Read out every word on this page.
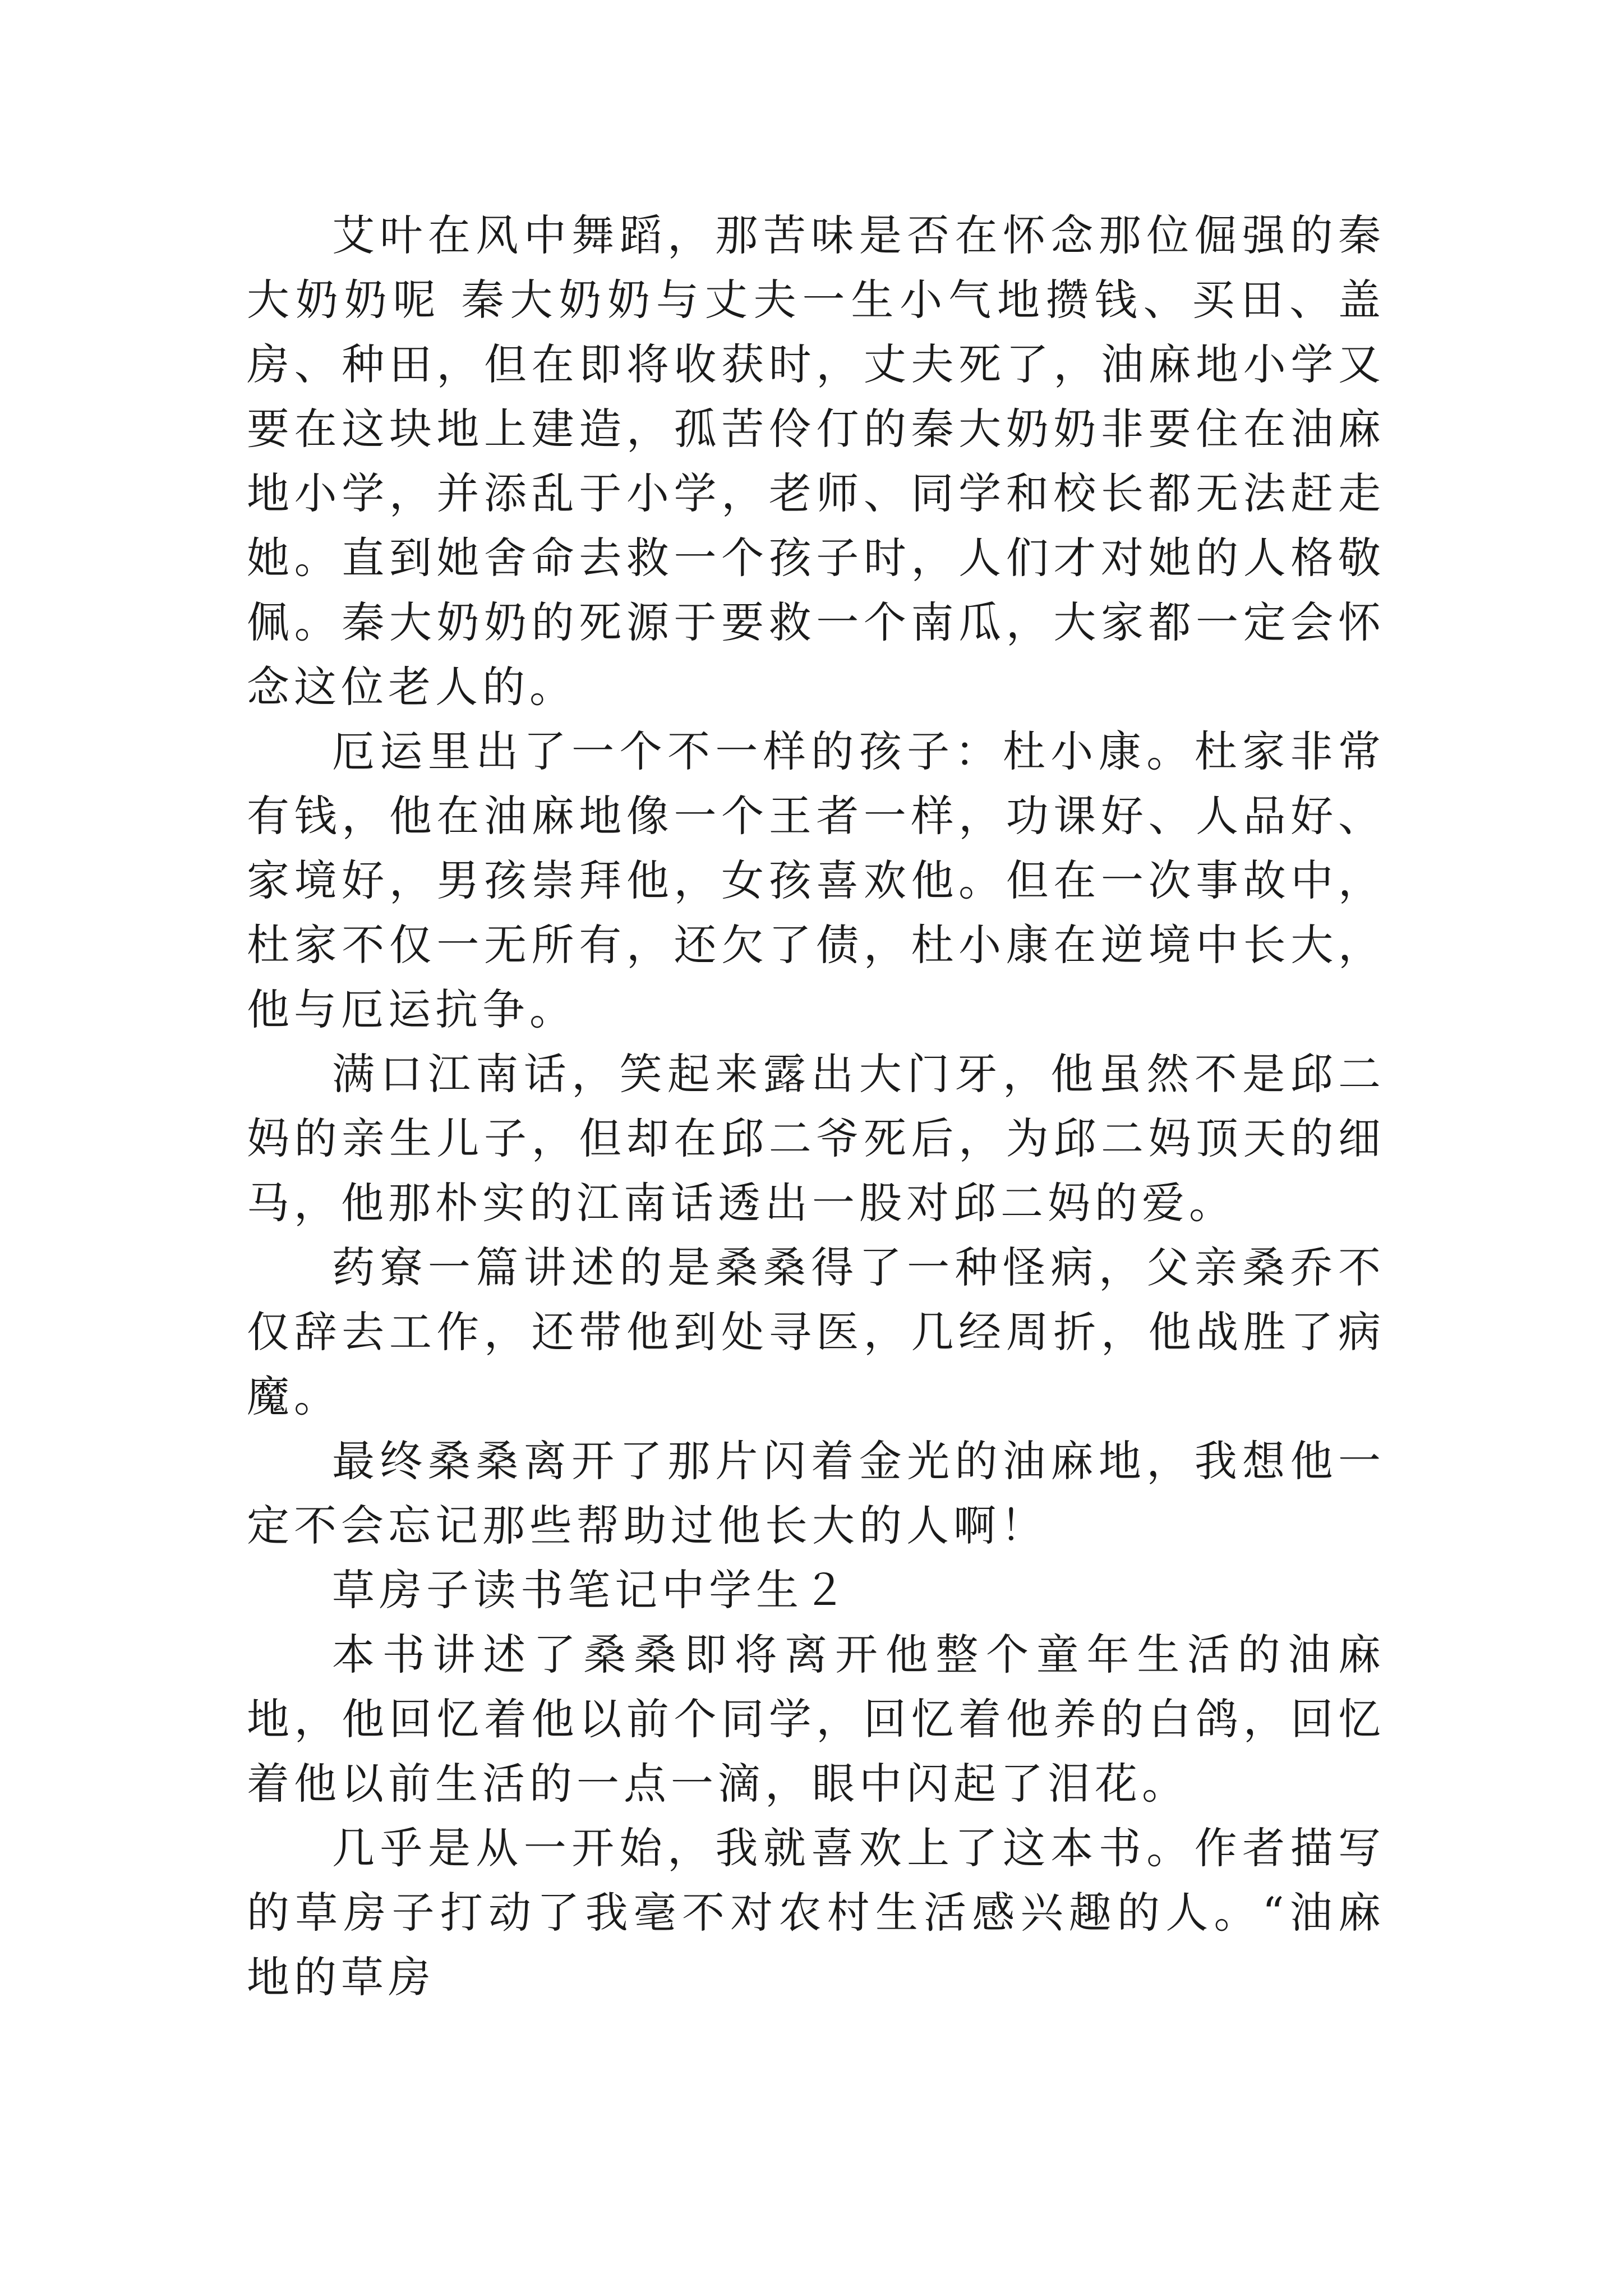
艾叶在风中舞蹈，那苦味是否在怀念那位倔强的秦大奶奶呢 秦大奶奶与丈夫一生小气地攒钱、买田、盖房、种田，但在即将收获时，丈夫死了，油麻地小学又要在这块地上建造，孤苦伶仃的秦大奶奶非要住在油麻地小学，并添乱于小学，老师、同学和校长都无法赶走她。直到她舍命去救一个孩子时，人们才对她的人格敬佩。秦大奶奶的死源于要救一个南瓜，大家都一定会怀念这位老人的。

厄运里出了一个不一样的孩子：杜小康。杜家非常有钱，他在油麻地像一个王者一样，功课好、人品好、家境好，男孩崇拜他，女孩喜欢他。但在一次事故中，杜家不仅一无所有，还欠了债，杜小康在逆境中长大，他与厄运抗争。

满口江南话，笑起来露出大门牙，他虽然不是邱二妈的亲生儿子，但却在邱二爷死后，为邱二妈顶天的细马，他那朴实的江南话透出一股对邱二妈的爱。

药寮一篇讲述的是桑桑得了一种怪病，父亲桑乔不仅辞去工作，还带他到处寻医，几经周折，他战胜了病魔。

最终桑桑离开了那片闪着金光的油麻地，我想他一定不会忘记那些帮助过他长大的人啊！

草房子读书笔记中学生２

本书讲述了桑桑即将离开他整个童年生活的油麻地，他回忆着他以前个同学，回忆着他养的白鸽，回忆着他以前生活的一点一滴，眼中闪起了泪花。

几乎是从一开始，我就喜欢上了这本书。作者描写的草房子打动了我毫不对农村生活感兴趣的人。“油麻地的草房
